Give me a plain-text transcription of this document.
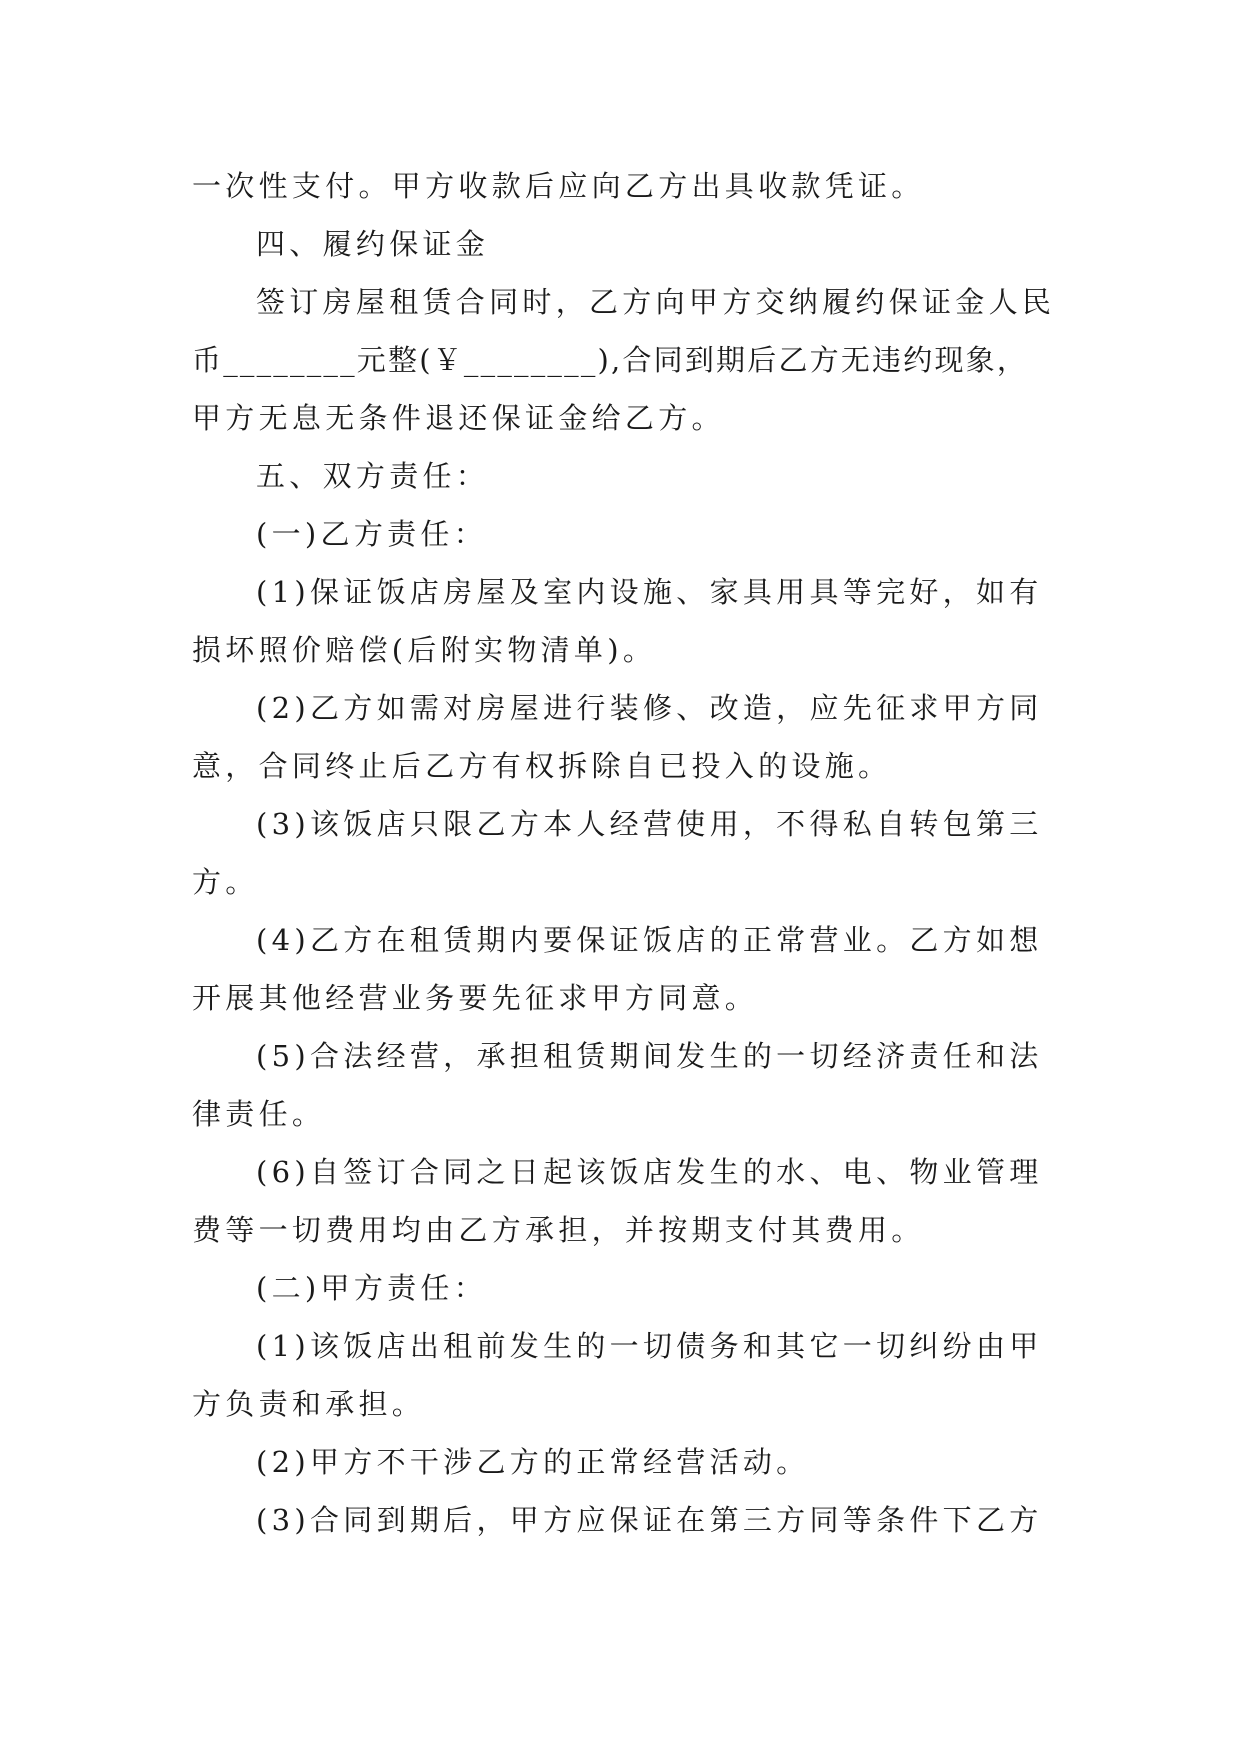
一次性支付。甲方收款后应向乙方出具收款凭证。
四、履约保证金
签订房屋租赁合同时，乙方向甲方交纳履约保证金人民
币________元整(￥________),合同到期后乙方无违约现象，
甲方无息无条件退还保证金给乙方。
五、双方责任：
(一)乙方责任：
(1)保证饭店房屋及室内设施、家具用具等完好，如有
损坏照价赔偿(后附实物清单)。
(2)乙方如需对房屋进行装修、改造，应先征求甲方同
意，合同终止后乙方有权拆除自已投入的设施。
(3)该饭店只限乙方本人经营使用，不得私自转包第三
方。
(4)乙方在租赁期内要保证饭店的正常营业。乙方如想
开展其他经营业务要先征求甲方同意。
(5)合法经营，承担租赁期间发生的一切经济责任和法
律责任。
(6)自签订合同之日起该饭店发生的水、电、物业管理
费等一切费用均由乙方承担，并按期支付其费用。
(二)甲方责任：
(1)该饭店出租前发生的一切债务和其它一切纠纷由甲
方负责和承担。
(2)甲方不干涉乙方的正常经营活动。
(3)合同到期后，甲方应保证在第三方同等条件下乙方
